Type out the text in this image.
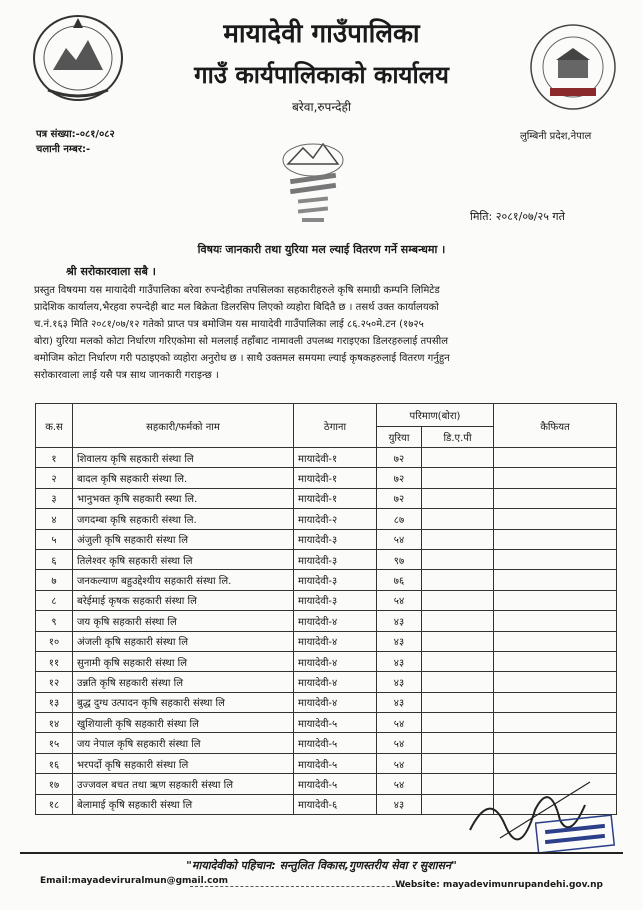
मायादेवी गाउँपालिका
गाउँ कार्यपालिकाको कार्यालय
बरेवा,रुपन्देही
पत्र संख्या:-०८१/०८२
चलानी नम्बर:-
लुम्बिनी प्रदेश,नेपाल
मिति: २०८१/०७/२५ गते
विषयः जानकारी तथा युरिया मल ल्याई वितरण गर्ने सम्बन्धमा ।
श्री सरोकारवाला सबै ।
प्रस्तुत विषयमा यस मायादेवी गाउँपालिका बरेवा रुपन्देहीका तपसिलका सहकारीहरुले कृषि समाग्री कम्पनि लिमिटेड
प्रादेशिक कार्यालय,भैरहवा रुपन्देही बाट मल बिक्रेता डिलरसिप लिएको व्यहोरा बिदितै छ । तसर्थ उक्त कार्यालयको
च.नं.१६३ मिति २०८१/०७/१२ गतेको प्राप्त पत्र बमोजिम यस मायादेवी गाउँपालिका लाई ८६.२५०मे.टन (१७२५
बोरा) युरिया मलको कोटा निर्धारण गरिएकोमा सो मललाई तहाँबाट नामावली उपलब्ध गराइएका डिलरहरुलाई तपसील
बमोजिम कोटा निर्धारण गरी पठाइएको व्यहोरा अनुरोध छ । साथै उक्तमल समयमा ल्याई कृषकहरुलाई वितरण गर्नुहुन
सरोकारवाला लाई यसै पत्र साथ जानकारी गराइन्छ ।
क.स	सहकारी/फर्मको नाम	ठेगाना	परिमाण(बोरा)		कैफियत
			युरिया	डि.ए.पी	
१	शिवालय कृषि सहकारी संस्था लि	मायादेवी-१	७२		
२	बादल कृषि सहकारी संस्था लि.	मायादेवी-१	७२		
३	भानुभक्त कृषि सहकारी स्स्था लि.	मायादेवी-१	७२		
४	जगदम्बा कृषि सहकारी संस्था लि.	मायादेवी-२	८७		
५	अंजुली कृषि सहकारी संस्था लि	मायादेवी-३	५४		
६	तिलेश्वर कृषि सहकारी संस्था लि	मायादेवी-३	९७		
७	जनकल्याण बहुउद्देश्यीय सहकारी संस्था लि.	मायादेवी-३	७६		
८	बरेईमाई कृषक सहकारी संस्था लि	मायादेवी-३	५४		
९	जय कृषि सहकारी संस्था लि	मायादेवी-४	४३		
१०	अंजली कृषि सहकारी संस्था लि	मायादेवी-४	४३		
११	सुनामी कृषि सहकारी संस्था लि	मायादेवी-४	४३		
१२	उन्नति कृषि सहकारी संस्था लि	मायादेवी-४	४३		
१३	बुद्ध दुग्ध उत्पादन कृषि सहकारी संस्था लि	मायादेवी-४	४३		
१४	खुशियाली कृषि सहकारी संस्था लि	मायादेवी-५	५४		
१५	जय नेपाल कृषि सहकारी संस्था लि	मायादेवी-५	५४		
१६	भरपर्दो कृषि सहकारी संस्था लि	मायादेवी-५	५४		
१७	उज्जवल बचत तथा ऋण सहकारी संस्था लि	मायादेवी-५	५४		
१८	बेलामाई कृषि सहकारी संस्था लि	मायादेवी-६	४३		
"मायादेवीको पहिचान: सन्तुलित विकास,गुणस्तरीय सेवा र सुशासन"
Email:mayadeviruralmun@gmail.com	Website: mayadevimunrupandehi.gov.np
